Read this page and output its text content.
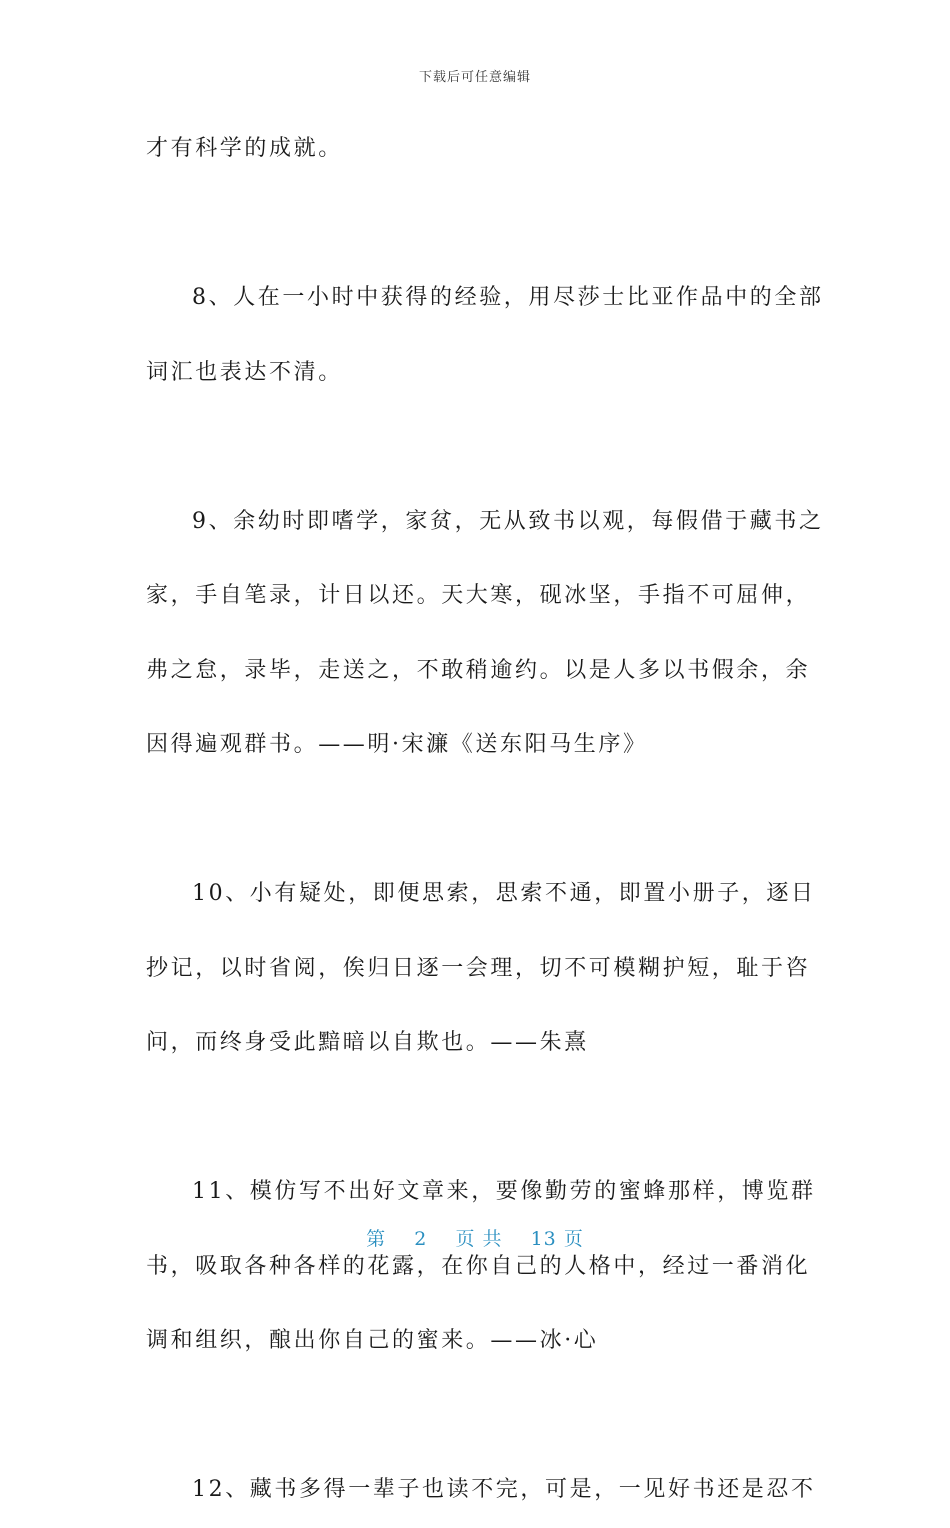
下载后可任意编辑
才有科学的成就。
8、人在一小时中获得的经验，用尽莎士比亚作品中的全部
词汇也表达不清。
9、余幼时即嗜学，家贫，无从致书以观，每假借于藏书之
家，手自笔录，计日以还。天大寒，砚冰坚，手指不可屈伸，
弗之怠，录毕，走送之，不敢稍逾约。以是人多以书假余，余
因得遍观群书。——明·宋濂《送东阳马生序》
10、小有疑处，即便思索，思索不通，即置小册子，逐日
抄记，以时省阅，俟归日逐一会理，切不可模糊护短，耻于咨
问，而终身受此黯暗以自欺也。——朱熹
11、模仿写不出好文章来，要像勤劳的蜜蜂那样，博览群
书，吸取各种各样的花露，在你自己的人格中，经过一番消化
调和组织，酿出你自己的蜜来。——冰·心
12、藏书多得一辈子也读不完，可是，一见好书还是忍不
第 2 页 共 13 页
